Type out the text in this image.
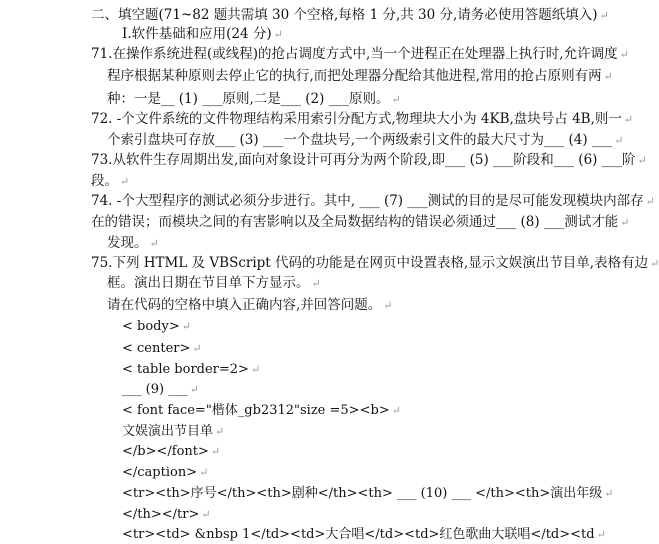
二、填空题(71~82 题共需填 30 个空格,每格 1 分,共 30 分,请务必使用答题纸填入) ↵
I.软件基础和应用(24 分) ↵
71.在操作系统进程(或线程)的抢占调度方式中,当一个进程正在处理器上执行时,允许调度 ↵
程序根据某种原则去停止它的执行,而把处理器分配给其他进程,常用的抢占原则有两 ↵
种：一是__ (1) ___原则,二是___ (2) ___原则。 ↵
72. -个文件系统的文件物理结构采用索引分配方式,物理块大小为 4KB,盘块号占 4B,则一 ↵
个索引盘块可存放___ (3) ___一个盘块号,一个两级索引文件的最大尺寸为___ (4) ___ ↵
73.从软件生存周期出发,面向对象设计可再分为两个阶段,即___ (5) ___阶段和___ (6) ___阶 ↵
段。 ↵
74. -个大型程序的测试必须分步进行。其中, ___ (7) ___测试的目的是尽可能发现模块内部存 ↵
在的错误；而模块之间的有害影响以及全局数据结构的错误必须通过___ (8) ___测试才能 ↵
发现。 ↵
75.下列 HTML 及 VBScript 代码的功能是在网页中设置表格,显示文娱演出节目单,表格有边 ↵
框。演出日期在节目单下方显示。 ↵
请在代码的空格中填入正确内容,并回答问题。 ↵
< body> ↵
< center> ↵
< table border=2> ↵
___ (9) ___ ↵
< font face="楷体_gb2312"size =5><b> ↵
文娱演出节目单 ↵
</b></font> ↵
</caption> ↵
<tr><th>序号</th><th>剧种</th><th> ___ (10) ___ </th><th>演出年级 ↵
</th></tr> ↵
<tr><td> &nbsp 1</td><td>大合唱</td><td>红色歌曲大联唱</td><td ↵
